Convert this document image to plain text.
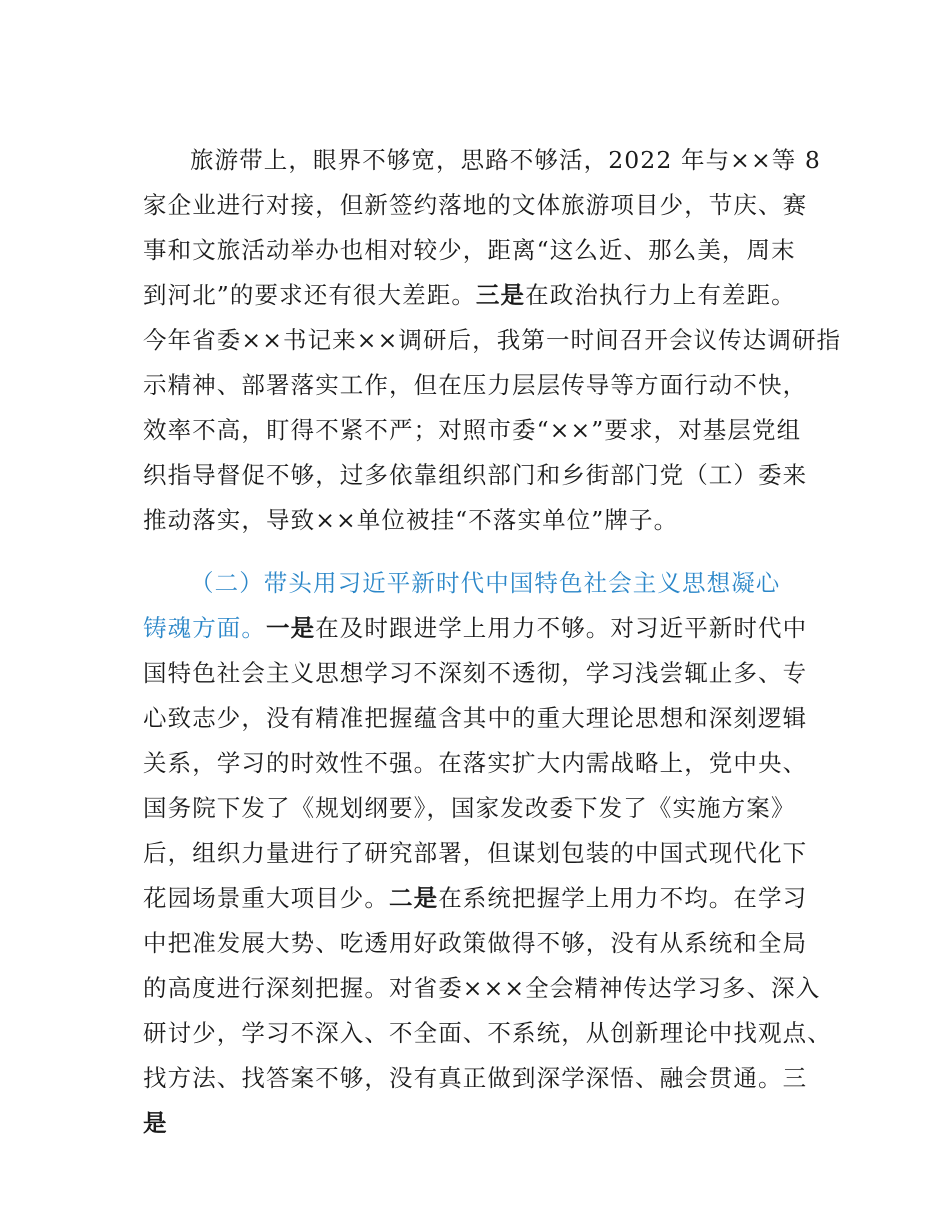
旅游带上，眼界不够宽，思路不够活，2022 年与××等 8
家企业进行对接，但新签约落地的文体旅游项目少，节庆、赛
事和文旅活动举办也相对较少，距离“这么近、那么美，周末
到河北”的要求还有很大差距。三是在政治执行力上有差距。
今年省委××书记来××调研后，我第一时间召开会议传达调研指
示精神、部署落实工作，但在压力层层传导等方面行动不快，
效率不高，盯得不紧不严；对照市委“××”要求，对基层党组
织指导督促不够，过多依靠组织部门和乡街部门党（工）委来
推动落实，导致××单位被挂“不落实单位”牌子。
（二）带头用习近平新时代中国特色社会主义思想凝心
铸魂方面。一是在及时跟进学上用力不够。对习近平新时代中
国特色社会主义思想学习不深刻不透彻，学习浅尝辄止多、专
心致志少，没有精准把握蕴含其中的重大理论思想和深刻逻辑
关系，学习的时效性不强。在落实扩大内需战略上，党中央、
国务院下发了《规划纲要》，国家发改委下发了《实施方案》
后，组织力量进行了研究部署，但谋划包装的中国式现代化下
花园场景重大项目少。二是在系统把握学上用力不均。在学习
中把准发展大势、吃透用好政策做得不够，没有从系统和全局
的高度进行深刻把握。对省委×××全会精神传达学习多、深入
研讨少，学习不深入、不全面、不系统，从创新理论中找观点、
找方法、找答案不够，没有真正做到深学深悟、融会贯通。三
是
